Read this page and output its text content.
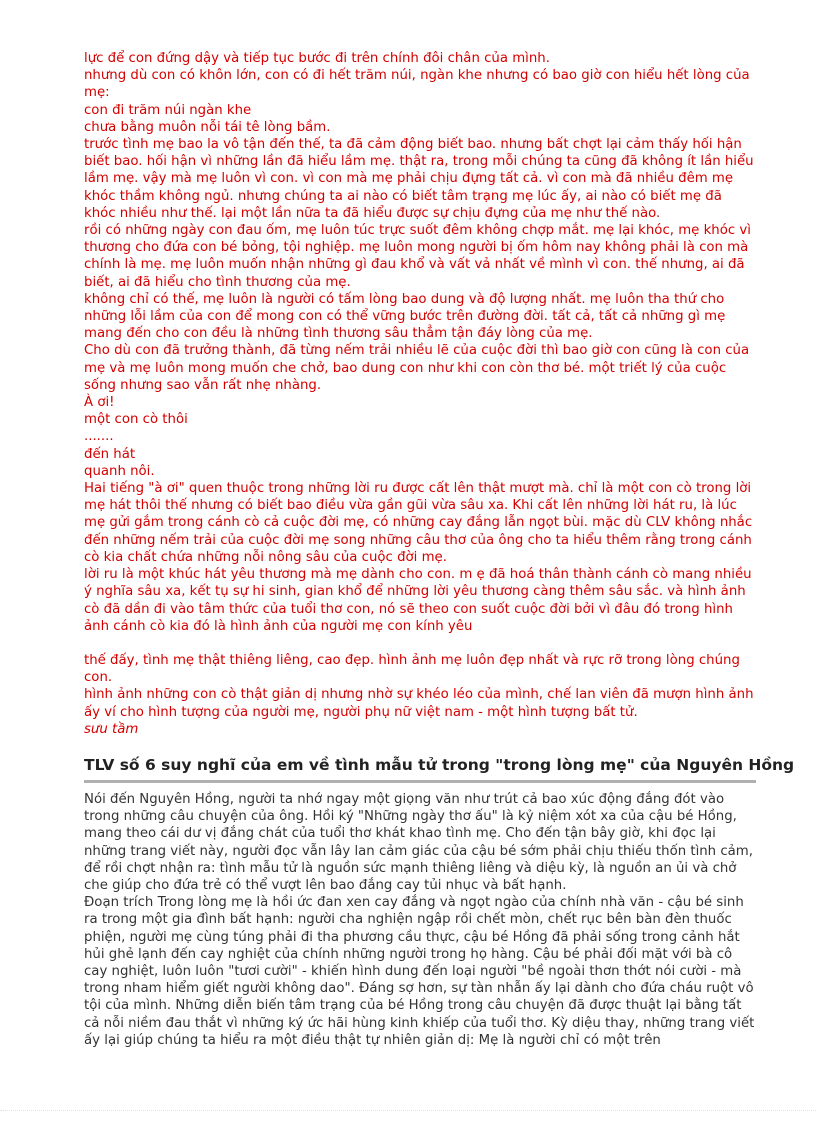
lực để con đứng dậy và tiếp tục bước đi trên chính đôi chân của mình.

nhưng dù con có khôn lớn, con có đi hết trăm núi, ngàn khe nhưng có bao giờ con hiểu hết lòng của mẹ:

con đi trăm núi ngàn khe

chưa bằng muôn nỗi tái tê lòng bầm.

trước tình mẹ bao la vô tận đến thế, ta đã cảm động biết bao. nhưng bất chợt lại cảm thấy hối hận biết bao. hối hận vì những lần đã hiểu lầm mẹ. thật ra, trong mỗi chúng ta cũng đã không ít lần hiểu lầm mẹ. vậy mà mẹ luôn vì con. vì con mà mẹ phải chịu đựng tất cả. vì con mà đã nhiều đêm mẹ khóc thầm không ngủ. nhưng chúng ta ai nào có biết tâm trạng mẹ lúc ấy, ai nào có biết mẹ đã khóc nhiều như thế. lại một lần nữa ta đã hiểu được sự chịu đựng của mẹ như thế nào.

rồi có những ngày con đau ốm, mẹ luôn túc trực suốt đêm không chợp mắt. mẹ lại khóc, mẹ khóc vì thương cho đứa con bé bỏng, tội nghiệp. mẹ luôn mong người bị ốm hôm nay không phải là con mà chính là mẹ. mẹ luôn muốn nhận những gì đau khổ và vất vả nhất về mình vì con. thế nhưng, ai đã biết, ai đã hiểu cho tình thương của mẹ.

không chỉ có thế, mẹ luôn là người có tấm lòng bao dung và độ lượng nhất. mẹ luôn tha thứ cho những lỗi lầm của con để mong con có thể vững bước trên đường đời. tất cả, tất cả những gì mẹ mang đến cho con đều là những tình thương sâu thẳm tận đáy lòng của mẹ.

Cho dù con đã trưởng thành, đã từng nếm trải nhiều lẽ của cuộc đời thì bao giờ con cũng là con của mẹ và mẹ luôn mong muốn che chở, bao dung con như khi con còn thơ bé. một triết lý của cuộc sống nhưng sao vẫn rất nhẹ nhàng.

À ơi!

một con cò thôi

.......

đến hát

quanh nôi.

Hai tiếng "à ơi" quen thuộc trong những lời ru được cất lên thật mượt mà. chỉ là một con cò trong lời mẹ hát thôi thế nhưng có biết bao điều vừa gần gũi vừa sâu xa. Khi cất lên những lời hát ru, là lúc mẹ gửi gắm trong cánh cò cả cuộc đời mẹ, có những cay đắng lẫn ngọt bùi. mặc dù CLV không nhắc đến những nếm trải của cuộc đời mẹ song những câu thơ của ông cho ta hiểu thêm rằng trong cánh cò kia chất chứa những nỗi nông sâu của cuộc đời mẹ.

lời ru là một khúc hát yêu thương mà mẹ dành cho con. m ẹ đã hoá thân thành cánh cò mang nhiều ý nghĩa sâu xa, kết tụ sự hi sinh, gian khổ để những lời yêu thương càng thêm sâu sắc. và hình ảnh cò đã dần đi vào tâm thức của tuổi thơ con, nó sẽ theo con suốt cuộc đời bởi vì đâu đó trong hình ảnh cánh cò kia đó là hình ảnh của người mẹ con kính yêu

thế đấy, tình mẹ thật thiêng liêng, cao đẹp. hình ảnh mẹ luôn đẹp nhất và rực rỡ trong lòng chúng con.

hình ảnh những con cò thật giản dị nhưng nhờ sự khéo léo của mình, chế lan viên đã mượn hình ảnh ấy ví cho hình tượng của người mẹ, người phụ nữ việt nam - một hình tượng bất tử.

sưu tầm

TLV số 6 suy nghĩ của em về tình mẫu tử trong "trong lòng mẹ" của Nguyên Hồng

Nói đến Nguyên Hồng, người ta nhớ ngay một giọng văn như trút cả bao xúc động đắng đót vào trong những câu chuyện của ông. Hồi ký "Những ngày thơ ấu" là kỷ niệm xót xa của cậu bé Hồng, mang theo cái dư vị đắng chát của tuổi thơ khát khao tình mẹ. Cho đến tận bây giờ, khi đọc lại những trang viết này, người đọc vẫn lây lan cảm giác của cậu bé sớm phải chịu thiếu thốn tình cảm, để rồi chợt nhận ra: tình mẫu tử là nguồn sức mạnh thiêng liêng và diệu kỳ, là nguồn an ủi và chở che giúp cho đứa trẻ có thể vượt lên bao đắng cay tủi nhục và bất hạnh.

Đoạn trích Trong lòng mẹ là hồi ức đan xen cay đắng và ngọt ngào của chính nhà văn - cậu bé sinh ra trong một gia đình bất hạnh: người cha nghiện ngập rồi chết mòn, chết rục bên bàn đèn thuốc phiện, người mẹ cùng túng phải đi tha phương cầu thực, cậu bé Hồng đã phải sống trong cảnh hắt hủi ghẻ lạnh đến cay nghiệt của chính những người trong họ hàng. Cậu bé phải đối mặt với bà cô cay nghiệt, luôn luôn "tươi cười" - khiến hình dung đến loại người "bề ngoài thơn thớt nói cười - mà trong nham hiểm giết người không dao". Đáng sợ hơn, sự tàn nhẫn ấy lại dành cho đứa cháu ruột vô tội của mình. Những diễn biến tâm trạng của bé Hồng trong câu chuyện đã được thuật lại bằng tất cả nỗi niềm đau thắt vì những ký ức hãi hùng kinh khiếp của tuổi thơ. Kỳ diệu thay, những trang viết ấy lại giúp chúng ta hiểu ra một điều thật tự nhiên giản dị: Mẹ là người chỉ có một trên
